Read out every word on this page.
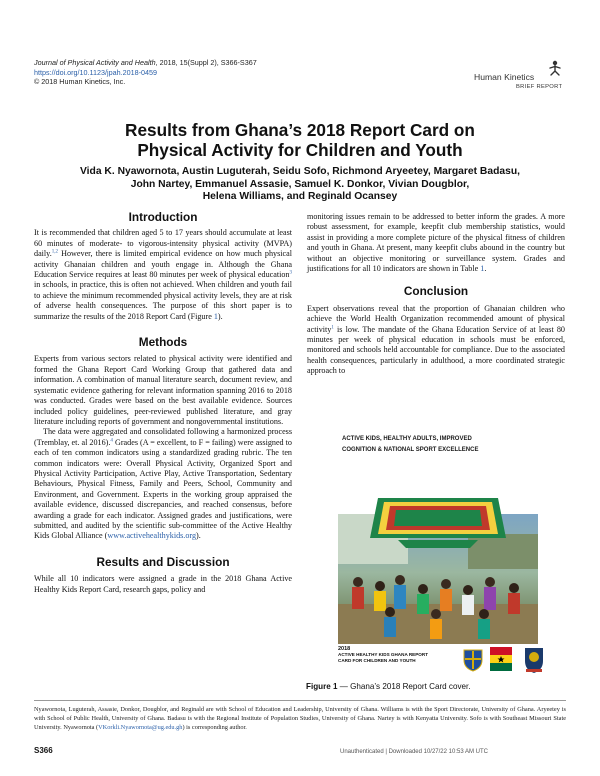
Journal of Physical Activity and Health, 2018, 15(Suppl 2), S366-S367
https://doi.org/10.1123/jpah.2018-0459
© 2018 Human Kinetics, Inc.	Human Kinetics
BRIEF REPORT
Results from Ghana’s 2018 Report Card on
Physical Activity for Children and Youth
Vida K. Nyawornota, Austin Luguterah, Seidu Sofo, Richmond Aryeetey, Margaret Badasu,
John Nartey, Emmanuel Assasie, Samuel K. Donkor, Vivian Dougblor,
Helena Williams, and Reginald Ocansey
Introduction

It is recommended that children aged 5 to 17 years should accumulate at least 60 minutes of moderate- to vigorous-intensity physical activity (MVPA) daily.$^{1,2}$ However, there is limited empirical evidence on how much physical activity Ghanaian children and youth engage in. Although the Ghana Education Service requires at least 80 minutes per week of physical education$^3$ in schools, in practice, this is often not achieved. When children and youth fail to achieve the minimum recommended physical activity levels, they are at risk of adverse health consequences. The purpose of this short paper is to summarize the results of the 2018 Report Card (Figure 1).

Methods

Experts from various sectors related to physical activity were identified and formed the Ghana Report Card Working Group that gathered data and information. A combination of manual literature search, document review, and systematic evidence gathering for relevant information spanning 2016 to 2018 was conducted. Grades were based on the best available evidence. Sources included policy guidelines, peer-reviewed published literature, and gray literature including reports of government and nongovernmental institutions.

The data were aggregated and consolidated following a harmonized process (Tremblay, et. al 2016).$^4$ Grades (A = excellent, to F = failing) were assigned to each of ten common indicators using a standardized grading rubric. The ten common indicators were: Overall Physical Activity, Organized Sport and Physical Activity Participation, Active Play, Active Transportation, Sedentary Behaviours, Physical Fitness, Family and Peers, School, Community and Environment, and Government. Experts in the working group appraised the available evidence, discussed discrepancies, and reached consensus, before awarding a grade for each indicator. Assigned grades and justifications, were submitted, and audited by the scientific sub-committee of the Active Healthy Kids Global Alliance (www.activehealthykids.org).

Results and Discussion

While all 10 indicators were assigned a grade in the 2018 Ghana Active Healthy Kids Report Card, research gaps, policy and

monitoring issues remain to be addressed to better inform the grades. A more robust assessment, for example, keepfit club membership statistics, would assist in providing a more complete picture of the physical fitness of children and youth in Ghana. At present, many keepfit clubs abound in the country but without an objective monitoring or surveillance system. Grades and justifications for all 10 indicators are shown in Table 1.

Conclusion

Expert observations reveal that the proportion of Ghanaian children who achieve the World Health Organization recommended amount of physical activity$^1$ is low. The mandate of the Ghana Education Service of at least 80 minutes per week of physical education in schools must be enforced, monitored and schools held accountable for compliance. Due to the associated health consequences, particularly in adulthood, a more coordinated strategic approach to

ACTIVE KIDS, HEALTHY ADULTS, IMPROVED
COGNITION & NATIONAL SPORT EXCELLENCE
2018
ACTIVE HEALTHY KIDS GHANA REPORT
CARD FOR CHILDREN AND YOUTH
Figure 1 — Ghana’s 2018 Report Card cover.
Nyawornota, Luguterah, Assasie, Donkor, Dougblor, and Reginald are with School of Education and Leadership, University of Ghana. Williams is with the Sport Directorate, University of Ghana. Aryeetey is with School of Public Health, University of Ghana. Badasu is with the Regional Institute of Population Studies, University of Ghana. Nartey is with Kenyatta University. Sofo is with Southeast Missouri State University. Nyawornota (VKorkli.Nyawornota@ug.edu.gh) is corresponding author.
S366	Unauthenticated | Downloaded 10/27/22 10:53 AM UTC
